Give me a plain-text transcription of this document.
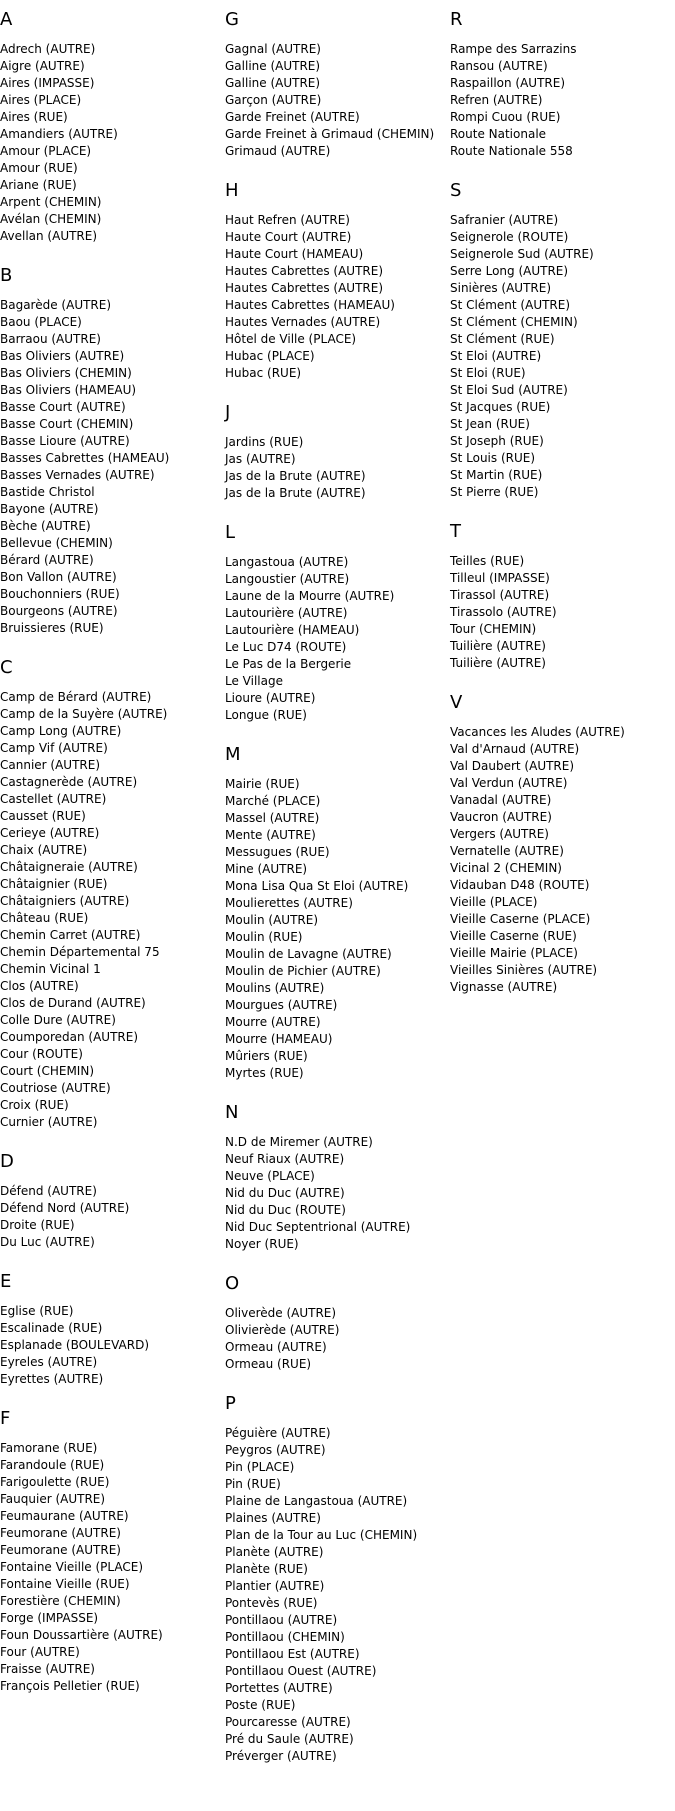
A
Adrech (AUTRE)
Aigre (AUTRE)
Aires (IMPASSE)
Aires (PLACE)
Aires (RUE)
Amandiers (AUTRE)
Amour (PLACE)
Amour (RUE)
Ariane (RUE)
Arpent (CHEMIN)
Avélan (CHEMIN)
Avellan (AUTRE)
B
Bagarède (AUTRE)
Baou (PLACE)
Barraou (AUTRE)
Bas Oliviers (AUTRE)
Bas Oliviers (CHEMIN)
Bas Oliviers (HAMEAU)
Basse Court (AUTRE)
Basse Court (CHEMIN)
Basse Lioure (AUTRE)
Basses Cabrettes (HAMEAU)
Basses Vernades (AUTRE)
Bastide Christol
Bayone (AUTRE)
Bèche (AUTRE)
Bellevue (CHEMIN)
Bérard (AUTRE)
Bon Vallon (AUTRE)
Bouchonniers (RUE)
Bourgeons (AUTRE)
Bruissieres (RUE)
C
Camp de Bérard (AUTRE)
Camp de la Suyère (AUTRE)
Camp Long (AUTRE)
Camp Vif (AUTRE)
Cannier (AUTRE)
Castagnerède (AUTRE)
Castellet (AUTRE)
Causset (RUE)
Cerieye (AUTRE)
Chaix (AUTRE)
Châtaigneraie (AUTRE)
Châtaignier (RUE)
Châtaigniers (AUTRE)
Château (RUE)
Chemin Carret (AUTRE)
Chemin Départemental 75
Chemin Vicinal 1
Clos (AUTRE)
Clos de Durand (AUTRE)
Colle Dure (AUTRE)
Coumporedan (AUTRE)
Cour (ROUTE)
Court (CHEMIN)
Coutriose (AUTRE)
Croix (RUE)
Curnier (AUTRE)
D
Défend (AUTRE)
Défend Nord (AUTRE)
Droite (RUE)
Du Luc (AUTRE)
E
Eglise (RUE)
Escalinade (RUE)
Esplanade (BOULEVARD)
Eyreles (AUTRE)
Eyrettes (AUTRE)
F
Famorane (RUE)
Farandoule (RUE)
Farigoulette (RUE)
Fauquier (AUTRE)
Feumaurane (AUTRE)
Feumorane (AUTRE)
Feumorane (AUTRE)
Fontaine Vieille (PLACE)
Fontaine Vieille (RUE)
Forestière (CHEMIN)
Forge (IMPASSE)
Foun Doussartière (AUTRE)
Four (AUTRE)
Fraisse (AUTRE)
François Pelletier (RUE)
G
Gagnal (AUTRE)
Galline (AUTRE)
Galline (AUTRE)
Garçon (AUTRE)
Garde Freinet (AUTRE)
Garde Freinet à Grimaud (CHEMIN)
Grimaud (AUTRE)
H
Haut Refren (AUTRE)
Haute Court (AUTRE)
Haute Court (HAMEAU)
Hautes Cabrettes (AUTRE)
Hautes Cabrettes (AUTRE)
Hautes Cabrettes (HAMEAU)
Hautes Vernades (AUTRE)
Hôtel de Ville (PLACE)
Hubac (PLACE)
Hubac (RUE)
J
Jardins (RUE)
Jas (AUTRE)
Jas de la Brute (AUTRE)
Jas de la Brute (AUTRE)
L
Langastoua (AUTRE)
Langoustier (AUTRE)
Laune de la Mourre (AUTRE)
Lautourière (AUTRE)
Lautourière (HAMEAU)
Le Luc D74 (ROUTE)
Le Pas de la Bergerie
Le Village
Lioure (AUTRE)
Longue (RUE)
M
Mairie (RUE)
Marché (PLACE)
Massel (AUTRE)
Mente (AUTRE)
Messugues (RUE)
Mine (AUTRE)
Mona Lisa Qua St Eloi (AUTRE)
Moulierettes (AUTRE)
Moulin (AUTRE)
Moulin (RUE)
Moulin de Lavagne (AUTRE)
Moulin de Pichier (AUTRE)
Moulins (AUTRE)
Mourgues (AUTRE)
Mourre (AUTRE)
Mourre (HAMEAU)
Mûriers (RUE)
Myrtes (RUE)
N
N.D de Miremer (AUTRE)
Neuf Riaux (AUTRE)
Neuve (PLACE)
Nid du Duc (AUTRE)
Nid du Duc (ROUTE)
Nid Duc Septentrional (AUTRE)
Noyer (RUE)
O
Oliverède (AUTRE)
Olivierède (AUTRE)
Ormeau (AUTRE)
Ormeau (RUE)
P
Péguière (AUTRE)
Peygros (AUTRE)
Pin (PLACE)
Pin (RUE)
Plaine de Langastoua (AUTRE)
Plaines (AUTRE)
Plan de la Tour au Luc (CHEMIN)
Planète (AUTRE)
Planète (RUE)
Plantier (AUTRE)
Pontevès (RUE)
Pontillaou (AUTRE)
Pontillaou (CHEMIN)
Pontillaou Est (AUTRE)
Pontillaou Ouest (AUTRE)
Portettes (AUTRE)
Poste (RUE)
Pourcaresse (AUTRE)
Pré du Saule (AUTRE)
Préverger (AUTRE)
R
Rampe des Sarrazins
Ransou (AUTRE)
Raspaillon (AUTRE)
Refren (AUTRE)
Rompi Cuou (RUE)
Route Nationale
Route Nationale 558
S
Safranier (AUTRE)
Seignerole (ROUTE)
Seignerole Sud (AUTRE)
Serre Long (AUTRE)
Sinières (AUTRE)
St Clément (AUTRE)
St Clément (CHEMIN)
St Clément (RUE)
St Eloi (AUTRE)
St Eloi (RUE)
St Eloi Sud (AUTRE)
St Jacques (RUE)
St Jean (RUE)
St Joseph (RUE)
St Louis (RUE)
St Martin (RUE)
St Pierre (RUE)
T
Teilles (RUE)
Tilleul (IMPASSE)
Tirassol (AUTRE)
Tirassolo (AUTRE)
Tour (CHEMIN)
Tuilière (AUTRE)
Tuilière (AUTRE)
V
Vacances les Aludes (AUTRE)
Val d'Arnaud (AUTRE)
Val Daubert (AUTRE)
Val Verdun (AUTRE)
Vanadal (AUTRE)
Vaucron (AUTRE)
Vergers (AUTRE)
Vernatelle (AUTRE)
Vicinal 2 (CHEMIN)
Vidauban D48 (ROUTE)
Vieille (PLACE)
Vieille Caserne (PLACE)
Vieille Caserne (RUE)
Vieille Mairie (PLACE)
Vieilles Sinières (AUTRE)
Vignasse (AUTRE)
